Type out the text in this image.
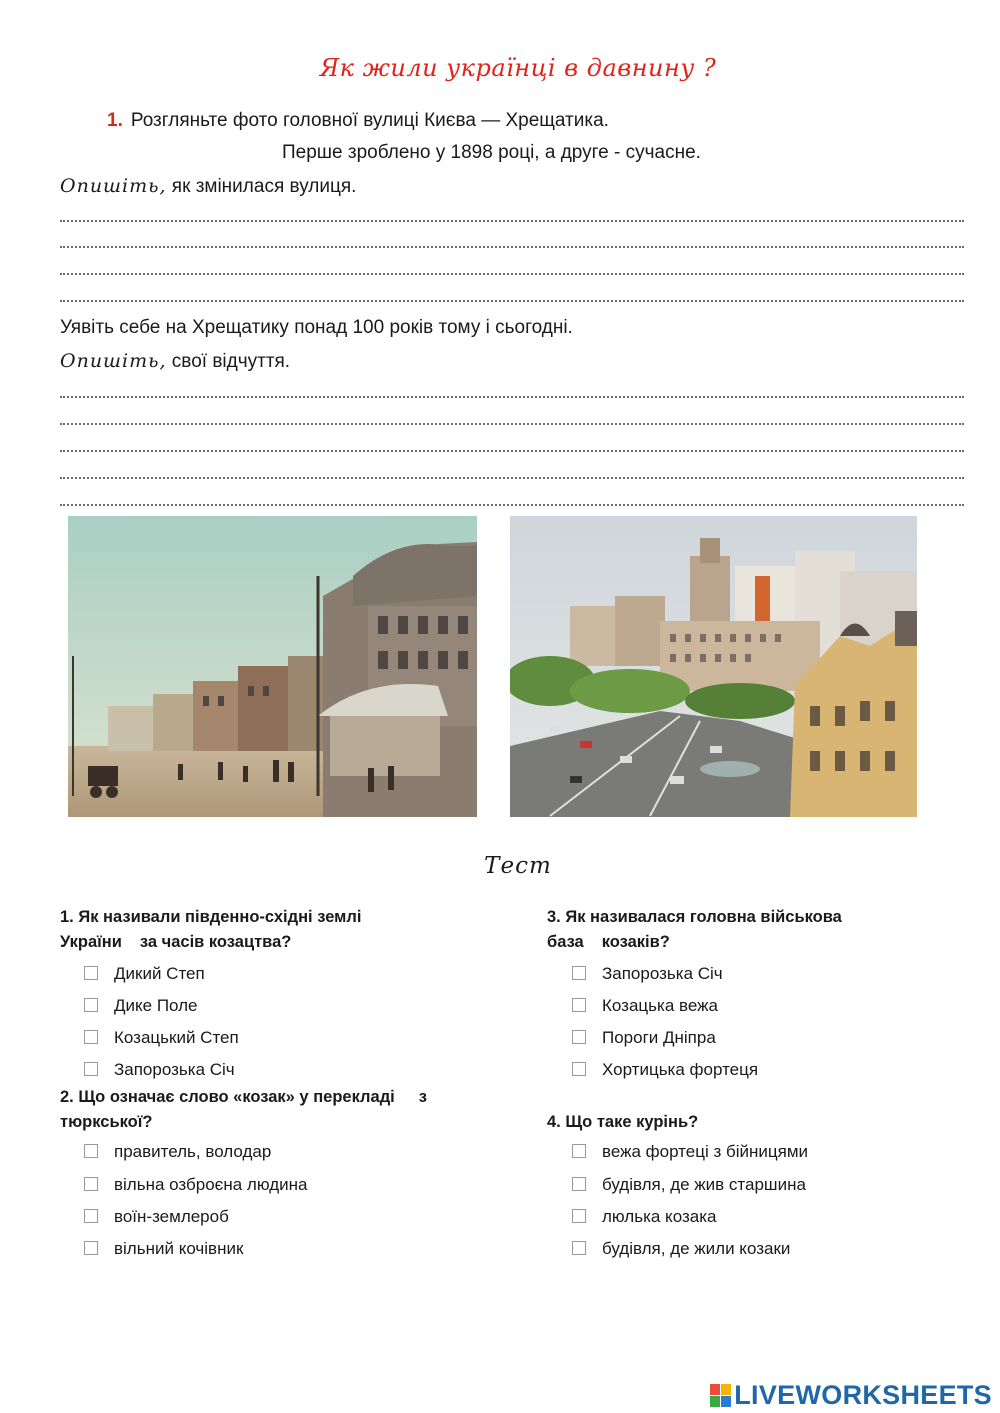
Як жили українці в давнину ?
1. Розгляньте фото головної вулиці Києва — Хрещатика.
Перше зроблено у 1898 році, а друге - сучасне.
Опишіть, як змінилася вулиця.
Уявіть себе на Хрещатику понад 100 років тому і сьогодні.
Опишіть, свої відчуття.
Тест
1. Як називали південно-східні землі
України за часів козацтва?
Дикий Степ
Дике Поле
Козацький Степ
Запорозька Січ
2. Що означає слово «козак» у перекладі з
тюркської?
правитель, володар
вільна озброєна людина
воїн-землероб
вільний кочівник
3. Як називалася головна військова
база козаків?
Запорозька Січ
Козацька вежа
Пороги Дніпра
Хортицька фортеця
4. Що таке курінь?
вежа фортеці з бійницями
будівля, де жив старшина
люлька козака
будівля, де жили козаки
LIVEWORKSHEETS
